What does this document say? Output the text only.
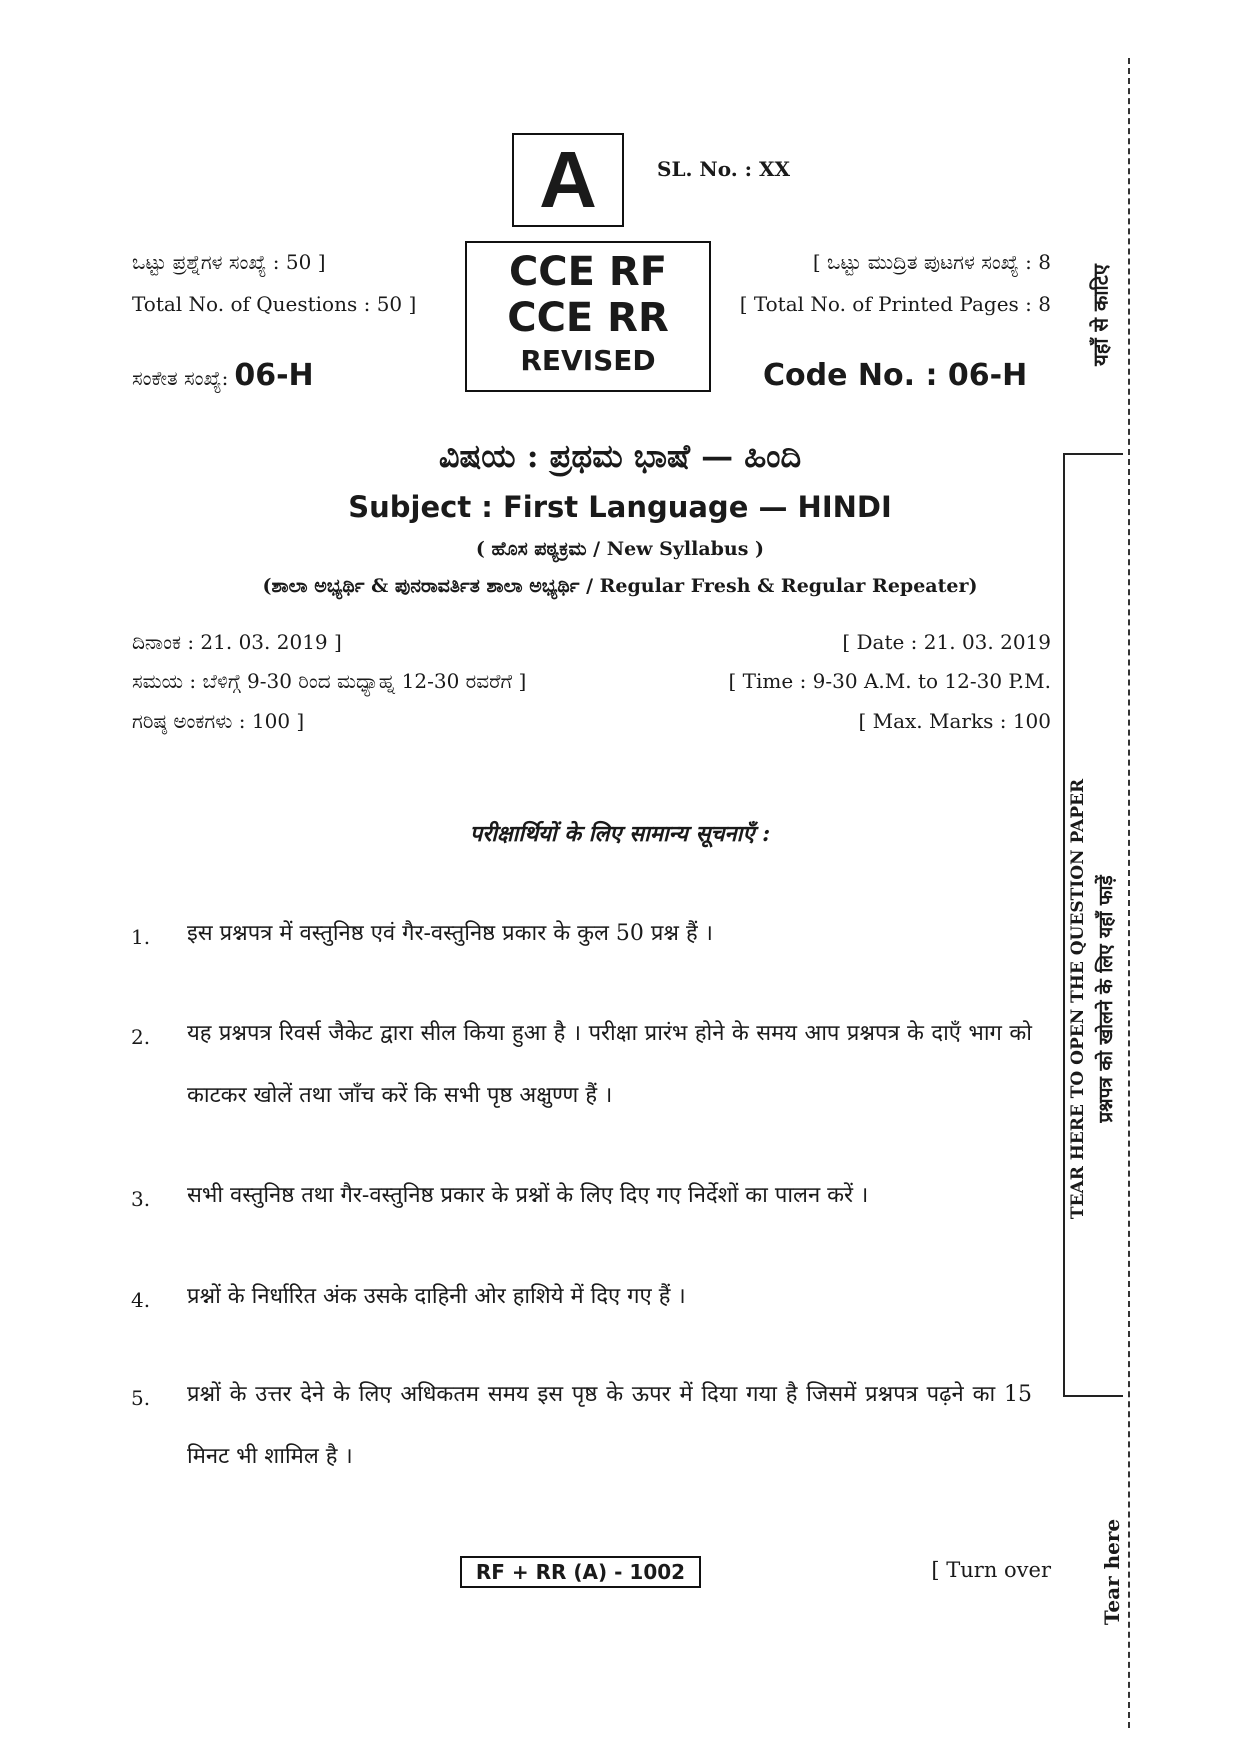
A	SL. No. : XX
ಒಟ್ಟು ಪ್ರಶ್ನೆಗಳ ಸಂಖ್ಯೆ : 50 ]
Total No. of Questions : 50 ]
CCE RF
CCE RR
REVISED
[ ಒಟ್ಟು ಮುದ್ರಿತ ಪುಟಗಳ ಸಂಖ್ಯೆ : 8
[ Total No. of Printed Pages : 8
ಸಂಕೇತ ಸಂಖ್ಯೆ: 06-H	Code No. : 06-H
ವಿಷಯ : ಪ್ರಥಮ ಭಾಷೆ — ಹಿಂದಿ
Subject : First Language — HINDI
( ಹೊಸ ಪಠ್ಯಕ್ರಮ / New Syllabus )
(ಶಾಲಾ ಅಭ್ಯರ್ಥಿ & ಪುನರಾವರ್ತಿತ ಶಾಲಾ ಅಭ್ಯರ್ಥಿ / Regular Fresh & Regular Repeater)
ದಿನಾಂಕ : 21. 03. 2019 ]	[ Date : 21. 03. 2019
ಸಮಯ : ಬೆಳಿಗ್ಗೆ 9-30 ರಿಂದ ಮಧ್ಯಾಹ್ನ 12-30 ರವರೆಗೆ ]	[ Time : 9-30 A.M. to 12-30 P.M.
ಗರಿಷ್ಠ ಅಂಕಗಳು : 100 ]	[ Max. Marks : 100
परीक्षार्थियों के लिए सामान्य सूचनाएँ :
1. इस प्रश्नपत्र में वस्तुनिष्ठ एवं गैर-वस्तुनिष्ठ प्रकार के कुल 50 प्रश्न हैं ।
2. यह प्रश्नपत्र रिवर्स जैकेट द्वारा सील किया हुआ है । परीक्षा प्रारंभ होने के समय आप प्रश्नपत्र के दाएँ भाग को काटकर खोलें तथा जाँच करें कि सभी पृष्ठ अक्षुण्ण हैं ।
3. सभी वस्तुनिष्ठ तथा गैर-वस्तुनिष्ठ प्रकार के प्रश्नों के लिए दिए गए निर्देशों का पालन करें ।
4. प्रश्नों के निर्धारित अंक उसके दाहिनी ओर हाशिये में दिए गए हैं ।
5. प्रश्नों के उत्तर देने के लिए अधिकतम समय इस पृष्ठ के ऊपर में दिया गया है जिसमें प्रश्नपत्र पढ़ने का 15 मिनट भी शामिल है ।
RF + RR (A) - 1002	[ Turn over
यहाँ से काटिए
TEAR HERE TO OPEN THE QUESTION PAPER प्रश्नपत्र को खोलने के लिए यहाँ फाड़ें
Tear here
